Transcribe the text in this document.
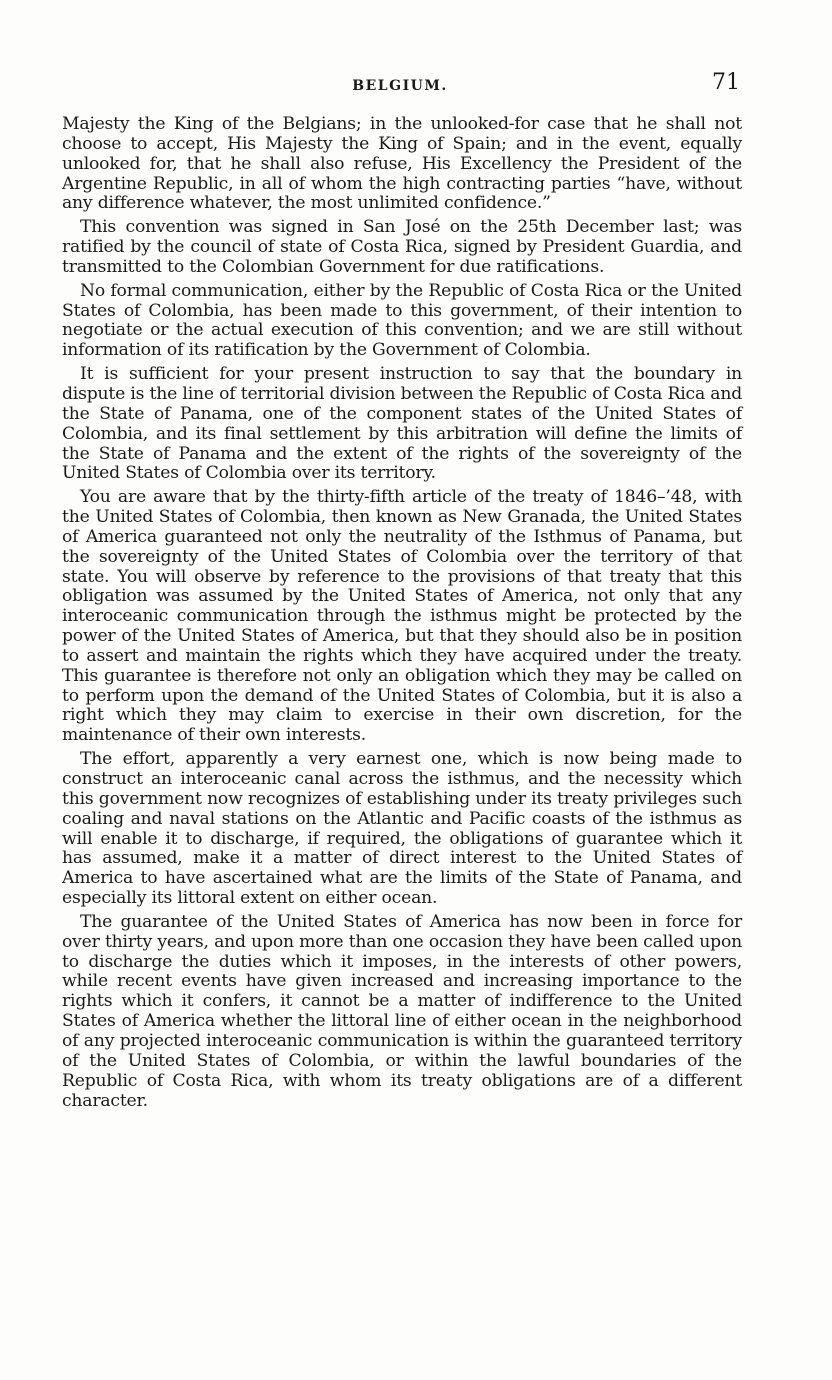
BELGIUM.	71

Majesty the King of the Belgians; in the unlooked-for case that he shall not choose to accept, His Majesty the King of Spain; and in the event, equally unlooked for, that he shall also refuse, His Excellency the President of the Argentine Republic, in all of whom the high contracting parties “have, without any difference whatever, the most unlimited confidence.”

This convention was signed in San José on the 25th December last; was ratified by the council of state of Costa Rica, signed by President Guardia, and transmitted to the Colombian Government for due ratifications.

No formal communication, either by the Republic of Costa Rica or the United States of Colombia, has been made to this government, of their intention to negotiate or the actual execution of this convention; and we are still without information of its ratification by the Government of Colombia.

It is sufficient for your present instruction to say that the boundary in dispute is the line of territorial division between the Republic of Costa Rica and the State of Panama, one of the component states of the United States of Colombia, and its final settlement by this arbitration will define the limits of the State of Panama and the extent of the rights of the sovereignty of the United States of Colombia over its territory.

You are aware that by the thirty-fifth article of the treaty of 1846–’48, with the United States of Colombia, then known as New Granada, the United States of America guaranteed not only the neutrality of the Isthmus of Panama, but the sovereignty of the United States of Colombia over the territory of that state. You will observe by reference to the provisions of that treaty that this obligation was assumed by the United States of America, not only that any interoceanic communication through the isthmus might be protected by the power of the United States of America, but that they should also be in position to assert and maintain the rights which they have acquired under the treaty. This guarantee is therefore not only an obligation which they may be called on to perform upon the demand of the United States of Colombia, but it is also a right which they may claim to exercise in their own discretion, for the maintenance of their own interests.

The effort, apparently a very earnest one, which is now being made to construct an interoceanic canal across the isthmus, and the necessity which this government now recognizes of establishing under its treaty privileges such coaling and naval stations on the Atlantic and Pacific coasts of the isthmus as will enable it to discharge, if required, the obligations of guarantee which it has assumed, make it a matter of direct interest to the United States of America to have ascertained what are the limits of the State of Panama, and especially its littoral extent on either ocean.

The guarantee of the United States of America has now been in force for over thirty years, and upon more than one occasion they have been called upon to discharge the duties which it imposes, in the interests of other powers, while recent events have given increased and increasing importance to the rights which it confers, it cannot be a matter of indifference to the United States of America whether the littoral line of either ocean in the neighborhood of any projected interoceanic communication is within the guaranteed territory of the United States of Colombia, or within the lawful boundaries of the Republic of Costa Rica, with whom its treaty obligations are of a different character.
